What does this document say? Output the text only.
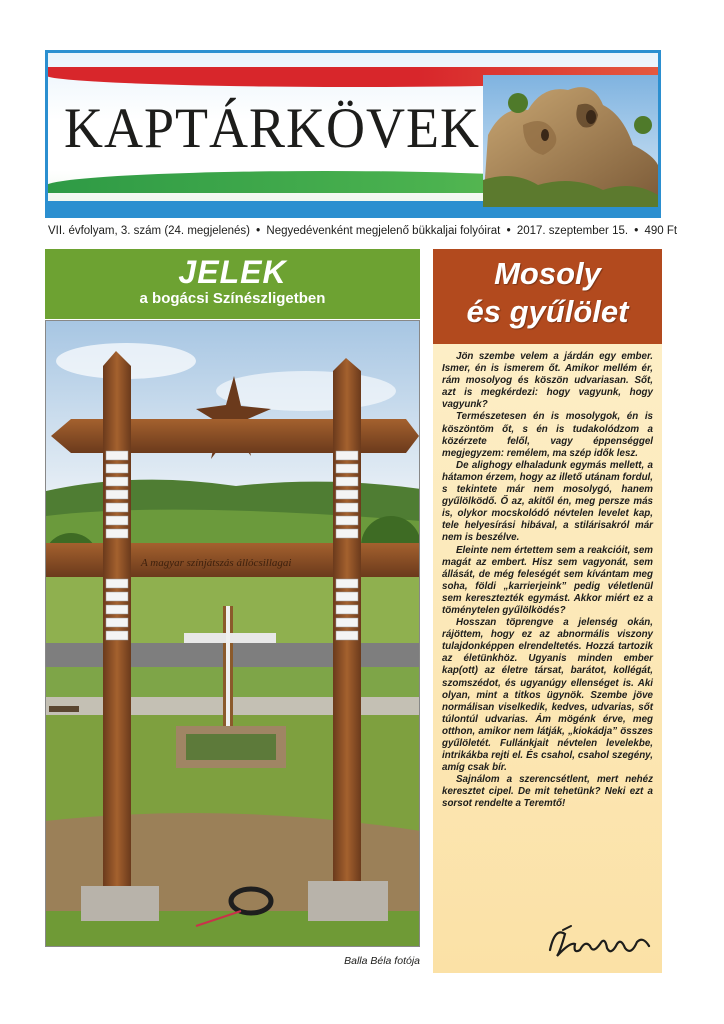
KAPTÁRKÖVEK
VII. évfolyam, 3. szám (24. megjelenés) • Negyedévenként megjelenő bükkaljai folyóirat • 2017. szeptember 15. • 490 Ft
JELEK
a bogácsi Színészligetben
A magyar színjátszás állócsillagai
Balla Béla fotója
Mosoly
és gyűlölet

Jön szembe velem a járdán egy ember. Ismer, én is ismerem őt. Amikor mellém ér, rám mosolyog és köszön udvariasan. Sőt, azt is megkérdezi: hogy vagyunk, hogy vagyunk?

Természetesen én is mosolygok, én is köszöntöm őt, s én is tudakolódzom a közérzete felől, vagy éppenséggel megjegyzem: remélem, ma szép idők lesz.

De alighogy elhaladunk egymás mellett, a hátamon érzem, hogy az illető utánam fordul, s tekintete már nem mosolygó, hanem gyűlölködő. Ő az, akitől én, meg persze más is, olykor mocskolódó névtelen levelet kap, tele helyesírási hibával, a stilárisakról már nem is beszélve.

Eleinte nem értettem sem a reakcióit, sem magát az embert. Hisz sem vagyonát, sem állását, de még feleségét sem kívántam meg soha, földi „karrierjeink” pedig véletlenül sem keresztezték egymást. Akkor miért ez a töménytelen gyűlölködés?

Hosszan töprengve a jelenség okán, rájöttem, hogy ez az abnormális viszony tulajdonképpen elrendeltetés. Hozzá tartozik az életünkhöz. Ugyanis minden ember kap(ott) az életre társat, barátot, kollégát, szomszédot, és ugyanúgy ellenséget is. Aki olyan, mint a titkos ügynök. Szembe jöve normálisan viselkedik, kedves, udvarias, sőt túlontúl udvarias. Ám mögénk érve, meg otthon, amikor nem látják, „kiokádja” összes gyűlöletét. Fullánkjait névtelen levelekbe, intrikákba rejti el. És csahol, csahol szegény, amíg csak bír.

Sajnálom a szerencsétlent, mert nehéz keresztet cipel. De mit tehetünk? Neki ezt a sorsot rendelte a Teremtő!
